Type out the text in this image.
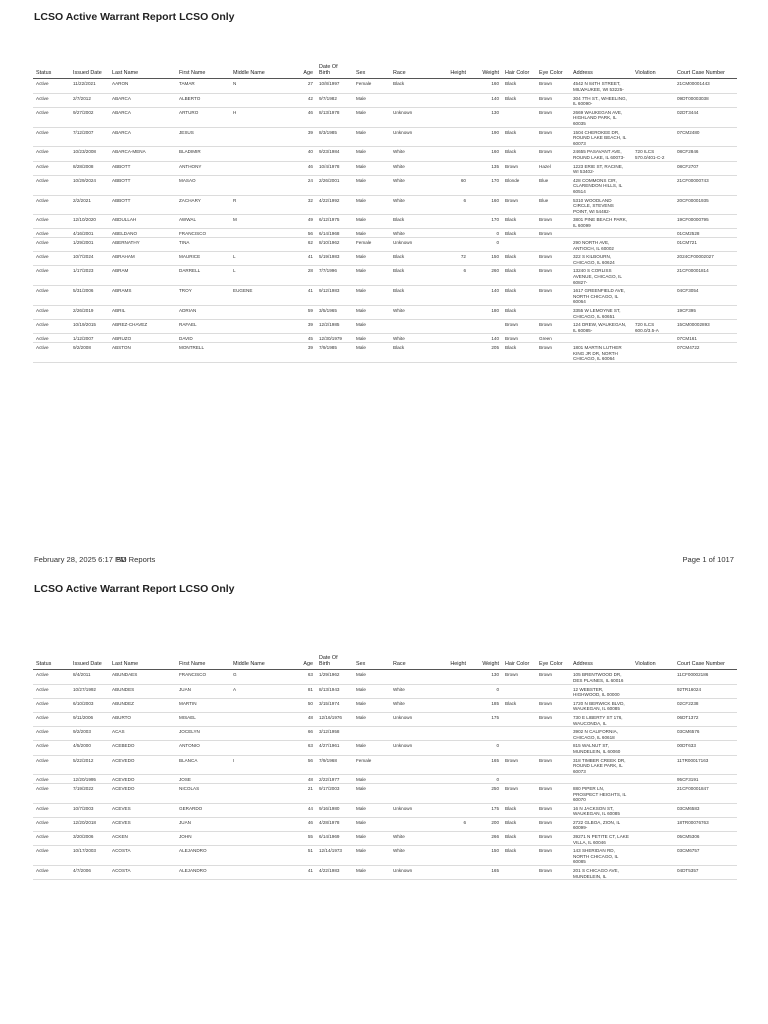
LCSO Active Warrant Report LCSO Only
Status	Issued Date	Last Name	First Name	Middle Name	Age	Date Of Birth	Sex	Race	Height	Weight	Hair Color	Eye Color	Address	Violation	Court Case Number
Active	11/22/2021	AARON	TAMAR	N	27	10/8/1997	Female	Black		160	Black	Brown	4542 N 84TH STREET, MILWAUKEE, WI 53225-		21CM00001443
Active	2/7/2012	ABARCA	ALBERTO		42	9/7/1982	Male			140	Black	Brown	304 7TH ST., WHEELING, IL 60090-		09DT00003038
Active	9/27/2002	ABARCA	ARTURO	H	46	8/13/1978	Male	Unknown		130		Brown	2669 WAUKEGAN AVE, HIGHLAND PARK, IL 60035		02DT3444
Active	7/12/2007	ABARCA	JESUS		39	8/3/1985	Male	Unknown		190	Black	Brown	1504 CHEROKEE DR, ROUND LAKE BEACH, IL 60073		07CM2480
Active	10/23/2008	ABARCA-MENA	BLADIMIR		40	9/23/1984	Male	White		160	Black	Brown	24655 PASAVANT AVE, ROUND LAKE, IL 60073-	720 ILCS 570.0/401-C-2	08CF2846
Active	8/28/2008	ABBOTT	ANTHONY		46	10/4/1978	Male	White		135	Brown	Hazel	1223 ERIE ST, RACINE, WI 53402-		08CF2707
Active	10/29/2024	ABBOTT	MASAO		24	2/26/2001	Male	White	60	170	Blonde	Blue	428 COMMONS CIR, CLARENDON HILLS, IL 60514		21CF00000743
Active	2/2/2021	ABBOTT	ZACHARY	R	32	4/22/1992	Male	White	6	160	Brown	Blue	5310 WOODLAND CIRCLE, STEVENS POINT, WI 54482-		20CF00001935
Active	12/10/2020	ABDULLAH	AWWAL	M	49	6/12/1975	Male	Black		170	Black	Brown	3801 PINE BEACH PARK, IL 60099		19CF00000795
Active	4/16/2001	ABELDANO	FRANCISCO		56	6/14/1968	Male	White		0	Black	Brown			01CM2528
Active	1/29/2001	ABERNATHY	TINA		62	8/10/1962	Female	Unknown		0			290 NORTH AVE, ANTIOCH, IL 60002		01CM721
Active	10/7/2024	ABRAHAM	MAURICE	L	41	5/19/1983	Male	Black	72	150	Black	Brown	322 S KILBOURN, CHICAGO, IL 60624		2024CF00002027
Active	1/17/2023	ABRAM	DARRELL	L	28	7/7/1996	Male	Black	6	260	Black	Brown	13240 S CORLISS AVENUE, CHICAGO, IL 60827-		21CF00001814
Active	5/31/2006	ABRAMS	TROY	EUGENE	41	9/12/1983	Male	Black		140	Black	Brown	1617 GREENFIELD AVE, NORTH CHICAGO, IL 60064		04CF3054
Active	2/26/2019	ABRIL	ADRIAN		59	3/5/1965	Male	White		180	Black		3355 W LEMOYNE ST, CHICAGO, IL 60651		19CF395
Active	10/19/2015	ABREZ-CHAVEZ	RAFAEL		39	12/2/1985	Male				Brown	Brown	124 DREW, WAUKEGAN, IL 60085-	720 ILCS 600.0/3.5-A	15CM00002893
Active	1/12/2007	ABRUZO	DAVID		45	12/30/1979	Male	White		140	Brown	Green			07CM161
Active	9/2/2008	ABSTON	MONTRELL		39	7/9/1985	Male	Black		205	Black	Brown	1801 MARTIN LUTHER KING JR DR, NORTH CHICAGO, IL 60064		07CM4722
February 28, 2025 6:17 PM
SD Reports	Page 1 of 1017
LCSO Active Warrant Report LCSO Only
Status	Issued Date	Last Name	First Name	Middle Name	Age	Date Of Birth	Sex	Race	Height	Weight	Hair Color	Eye Color	Address	Violation	Court Case Number
Active	8/4/2011	ABUNDAES	FRANCISCO	G	63	1/29/1962	Male			130	Brown	Brown	105 BRENTWOOD DR, DES PLAINES, IL 60016		11CF00002186
Active	10/27/1992	ABUNDES	JUAN	A	81	8/13/1943	Male	White		0			12 WEBSTER, HIGHWOOD, IL 00000		92TR16024
Active	6/10/2003	ABUNDEZ	MARTIN		50	3/15/1974	Male	White		185	Black	Brown	1720 N BERWICK BLVD, WAUKEGAN, IL 60085		02CF2238
Active	9/11/2006	ABURTO	MISAEL		48	12/16/1976	Male	Unknown		175		Brown	730 E LIBERTY ST 176, WAUCONDA, IL		06DT1372
Active	9/2/2003	ACAS	JOCELYN		66	3/12/1958							3902 N CALIFORNIA, CHICAGO, IL 60618		03CM6576
Active	4/5/2000	ACEBEDO	ANTONIO		63	4/27/1961	Male	Unknown		0			815 WALNUT ST, MUNDELEIN, IL 60060		00DT633
Active	5/22/2012	ACEVEDO	BLANCA	I	56	7/9/1968	Female			165	Brown	Brown	318 TIMBER CREEK DR, ROUND LAKE PARK, IL 60073		11TR00017163
Active	12/20/1995	ACEVEDO	JOSE		48	2/22/1977	Male			0					95CF3191
Active	7/19/2022	ACEVEDO	NICOLAS		21	9/17/2003	Male			250	Brown	Brown	880 PIPER LN, PROSPECT HEIGHTS, IL 60070		21CF00001847
Active	10/7/2003	ACEVES	GERARDO		44	9/16/1980	Male	Unknown		175	Black	Brown	16 N JACKSON ST, WAUKEGAN, IL 60085		03CM6583
Active	12/20/2018	ACEVES	JUAN		46	4/28/1978	Male		6	200	Black	Brown	2722 GLBOA, ZION, IL 60099-		18TR00076763
Active	3/20/2006	ACKEN	JOHN		55	6/14/1969	Male	White		266	Black	Brown	39271 N PETITE CT, LAKE VILLA, IL 60046		05CM5306
Active	10/17/2003	ACOSTA	ALEJANDRO		51	12/14/1973	Male	White		150	Black	Brown	143 SHERIDAN RD, NORTH CHICAGO, IL 60085		03CM6757
Active	4/7/2006	ACOSTA	ALEJANDRO		41	4/22/1983	Male	Unknown		165		Brown	201 S CHICAGO AVE, MUNDELEIN, IL		04DT5357
